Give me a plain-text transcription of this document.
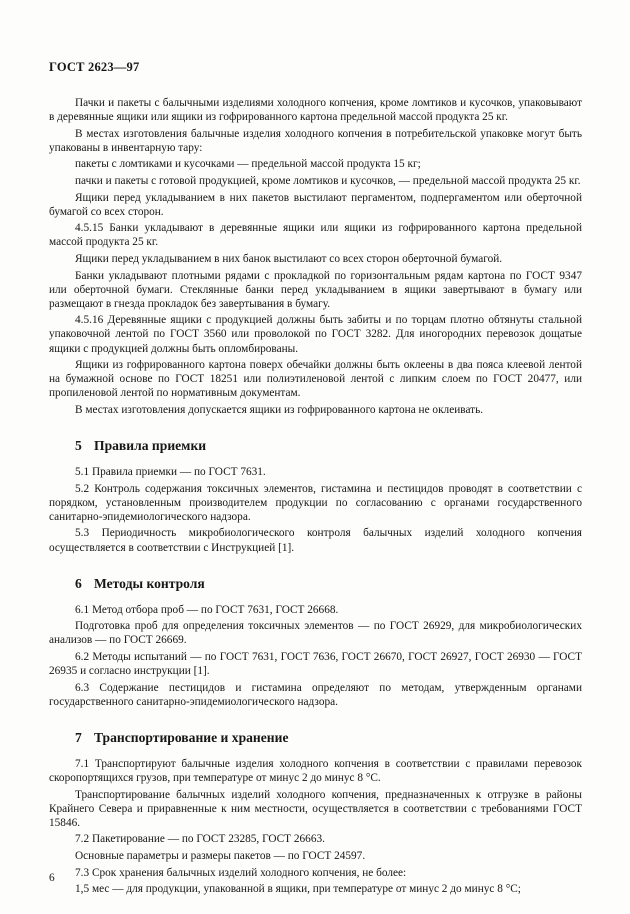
ГОСТ 2623—97

Пачки и пакеты с балычными изделиями холодного копчения, кроме ломтиков и кусочков, упаковывают в деревянные ящики или ящики из гофрированного картона предельной массой продукта 25 кг.

В местах изготовления балычные изделия холодного копчения в потребительской упаковке могут быть упакованы в инвентарную тару:

пакеты с ломтиками и кусочками — предельной массой продукта 15 кг;

пачки и пакеты с готовой продукцией, кроме ломтиков и кусочков, — предельной массой продукта 25 кг.

Ящики перед укладыванием в них пакетов выстилают пергаментом, подпергаментом или оберточной бумагой со всех сторон.

4.5.15 Банки укладывают в деревянные ящики или ящики из гофрированного картона предельной массой продукта 25 кг.

Ящики перед укладыванием в них банок выстилают со всех сторон оберточной бумагой.

Банки укладывают плотными рядами с прокладкой по горизонтальным рядам картона по ГОСТ 9347 или оберточной бумаги. Стеклянные банки перед укладыванием в ящики завертывают в бумагу или размещают в гнезда прокладок без завертывания в бумагу.

4.5.16 Деревянные ящики с продукцией должны быть забиты и по торцам плотно обтянуты стальной упаковочной лентой по ГОСТ 3560 или проволокой по ГОСТ 3282. Для иногородних перевозок дощатые ящики с продукцией должны быть опломбированы.

Ящики из гофрированного картона поверх обечайки должны быть оклеены в два пояса клеевой лентой на бумажной основе по ГОСТ 18251 или полиэтиленовой лентой с липким слоем по ГОСТ 20477, или пропиленовой лентой по нормативным документам.

В местах изготовления допускается ящики из гофрированного картона не оклеивать.

5 Правила приемки

5.1 Правила приемки — по ГОСТ 7631.

5.2 Контроль содержания токсичных элементов, гистамина и пестицидов проводят в соответствии с порядком, установленным производителем продукции по согласованию с органами государственного санитарно-эпидемиологического надзора.

5.3 Периодичность микробиологического контроля балычных изделий холодного копчения осуществляется в соответствии с Инструкцией [1].

6 Методы контроля

6.1 Метод отбора проб — по ГОСТ 7631, ГОСТ 26668.

Подготовка проб для определения токсичных элементов — по ГОСТ 26929, для микробиологических анализов — по ГОСТ 26669.

6.2 Методы испытаний — по ГОСТ 7631, ГОСТ 7636, ГОСТ 26670, ГОСТ 26927, ГОСТ 26930 — ГОСТ 26935 и согласно инструкции [1].

6.3 Содержание пестицидов и гистамина определяют по методам, утвержденным органами государственного санитарно-эпидемиологического надзора.

7 Транспортирование и хранение

7.1 Транспортируют балычные изделия холодного копчения в соответствии с правилами перевозок скоропортящихся грузов, при температуре от минус 2 до минус 8 °С.

Транспортирование балычных изделий холодного копчения, предназначенных к отгрузке в районы Крайнего Севера и приравненные к ним местности, осуществляется в соответствии с требованиями ГОСТ 15846.

7.2 Пакетирование — по ГОСТ 23285, ГОСТ 26663.

Основные параметры и размеры пакетов — по ГОСТ 24597.

7.3 Срок хранения балычных изделий холодного копчения, не более:

1,5 мес — для продукции, упакованной в ящики, при температуре от минус 2 до минус 8 °С;

6
